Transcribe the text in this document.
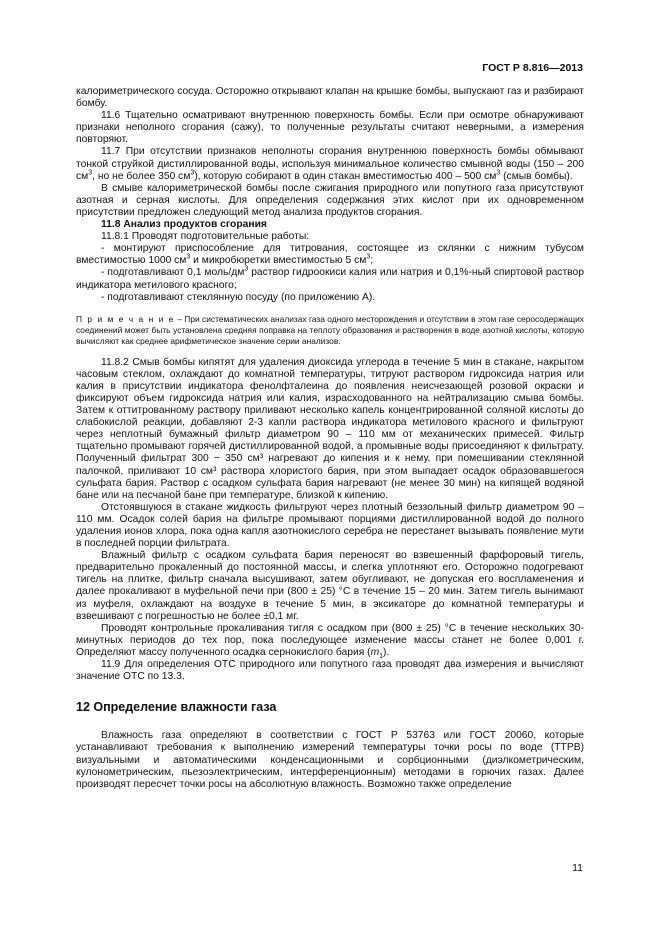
ГОСТ Р 8.816—2013

калориметрического сосуда. Осторожно открывают клапан на крышке бомбы, выпускают газ и разбирают бомбу.

11.6 Тщательно осматривают внутреннюю поверхность бомбы. Если при осмотре обнаруживают признаки неполного сгорания (сажу), то полученные результаты считают неверными, а измерения повторяют.

11.7 При отсутствии признаков неполноты сгорания внутреннюю поверхность бомбы обмывают тонкой струйкой дистиллированной воды, используя минимальное количество смывной воды (150 – 200 $см^3$, но не более 350 $см^3$), которую собирают в один стакан вместимостью 400 – 500 $см^3$ (смыв бомбы).

В смыве калориметрической бомбы после сжигания природного или попутного газа присутствуют азотная и серная кислоты. Для определения содержания этих кислот при их одновременном присутствии предложен следующий метод анализа продуктов сгорания.

11.8 Анализ продуктов сгорания

11.8.1 Проводят подготовительные работы:

- монтируют приспособление для титрования, состоящее из склянки с нижним тубусом вместимостью 1000 $см^3$ и микробюретки вместимостью 5 $см^3$;

- подготавливают 0,1 моль/$дм^3$ раствор гидроокиси калия или натрия и 0,1%-ный спиртовой раствор индикатора метилового красного;

- подготавливают стеклянную посуду (по приложению А).

П р и м е ч а н и е – При систематических анализах газа одного месторождения и отсутствии в этом газе серосодержащих соединений может быть установлена средняя поправка на теплоту образования и растворения в воде азотной кислоты, которую вычисляют как среднее арифметическое значение серии анализов.

11.8.2 Смыв бомбы кипятят для удаления диоксида углерода в течение 5 мин в стакане, накрытом часовым стеклом, охлаждают до комнатной температуры, титруют раствором гидроксида натрия или калия в присутствии индикатора фенолфталеина до появления неисчезающей розовой окраски и фиксируют объем гидроксида натрия или калия, израсходованного на нейтрализацию смыва бомбы. Затем к оттитрованному раствору приливают несколько капель концентрированной соляной кислоты до слабокислой реакции, добавляют 2-3 капли раствора индикатора метилового красного и фильтруют через неплотный бумажный фильтр диаметром 90 – 110 мм от механических примесей. Фильтр тщательно промывают горячей дистиллированной водой, а промывные воды присоединяют к фильтрату. Полученный фильтрат 300 − 350 см³ нагревают до кипения и к нему, при помешивании стеклянной палочкой, приливают 10 см³ раствора хлористого бария, при этом выпадает осадок образовавшегося сульфата бария. Раствор с осадком сульфата бария нагревают (не менее 30 мин) на кипящей водяной бане или на песчаной бане при температуре, близкой к кипению.

Отстоявшуюся в стакане жидкость фильтруют через плотный беззольный фильтр диаметром 90 – 110 мм. Осадок солей бария на фильтре промывают порциями дистиллированной водой до полного удаления ионов хлора, пока одна капля азотнокислого серебра не перестанет вызывать появление мути в последней порции фильтрата.

Влажный фильтр с осадком сульфата бария переносят во взвешенный фарфоровый тигель, предварительно прокаленный до постоянной массы, и слегка уплотняют его. Осторожно подогревают тигель на плитке, фильтр сначала высушивают, затем обугливают, не допуская его воспламенения и далее прокаливают в муфельной печи при (800 ± 25) °C в течение 15 – 20 мин. Затем тигель вынимают из муфеля, охлаждают на воздухе в течение 5 мин, в эксикаторе до комнатной температуры и взвешивают с погрешностью не более ±0,1 мг.

Проводят контрольные прокаливания тигля с осадком при (800 ± 25) °C в течение нескольких 30-минутных периодов до тех пор, пока последующее изменение массы станет не более 0,001 г. Определяют массу полученного осадка сернокислого бария $(m_1)$.

11.9 Для определения ОТС природного или попутного газа проводят два измерения и вычисляют значение ОТС по 13.3.

12 Определение влажности газа

Влажность газа определяют в соответствии с ГОСТ Р 53763 или ГОСТ 20060, которые устанавливают требования к выполнению измерений температуры точки росы по воде (ТТРВ) визуальными и автоматическими конденсационными и сорбционными (диэлкометрическим, кулонометрическим, пьезоэлектрическим, интерференционным) методами в горючих газах. Далее производят пересчет точки росы на абсолютную влажность. Возможно также определение

11
